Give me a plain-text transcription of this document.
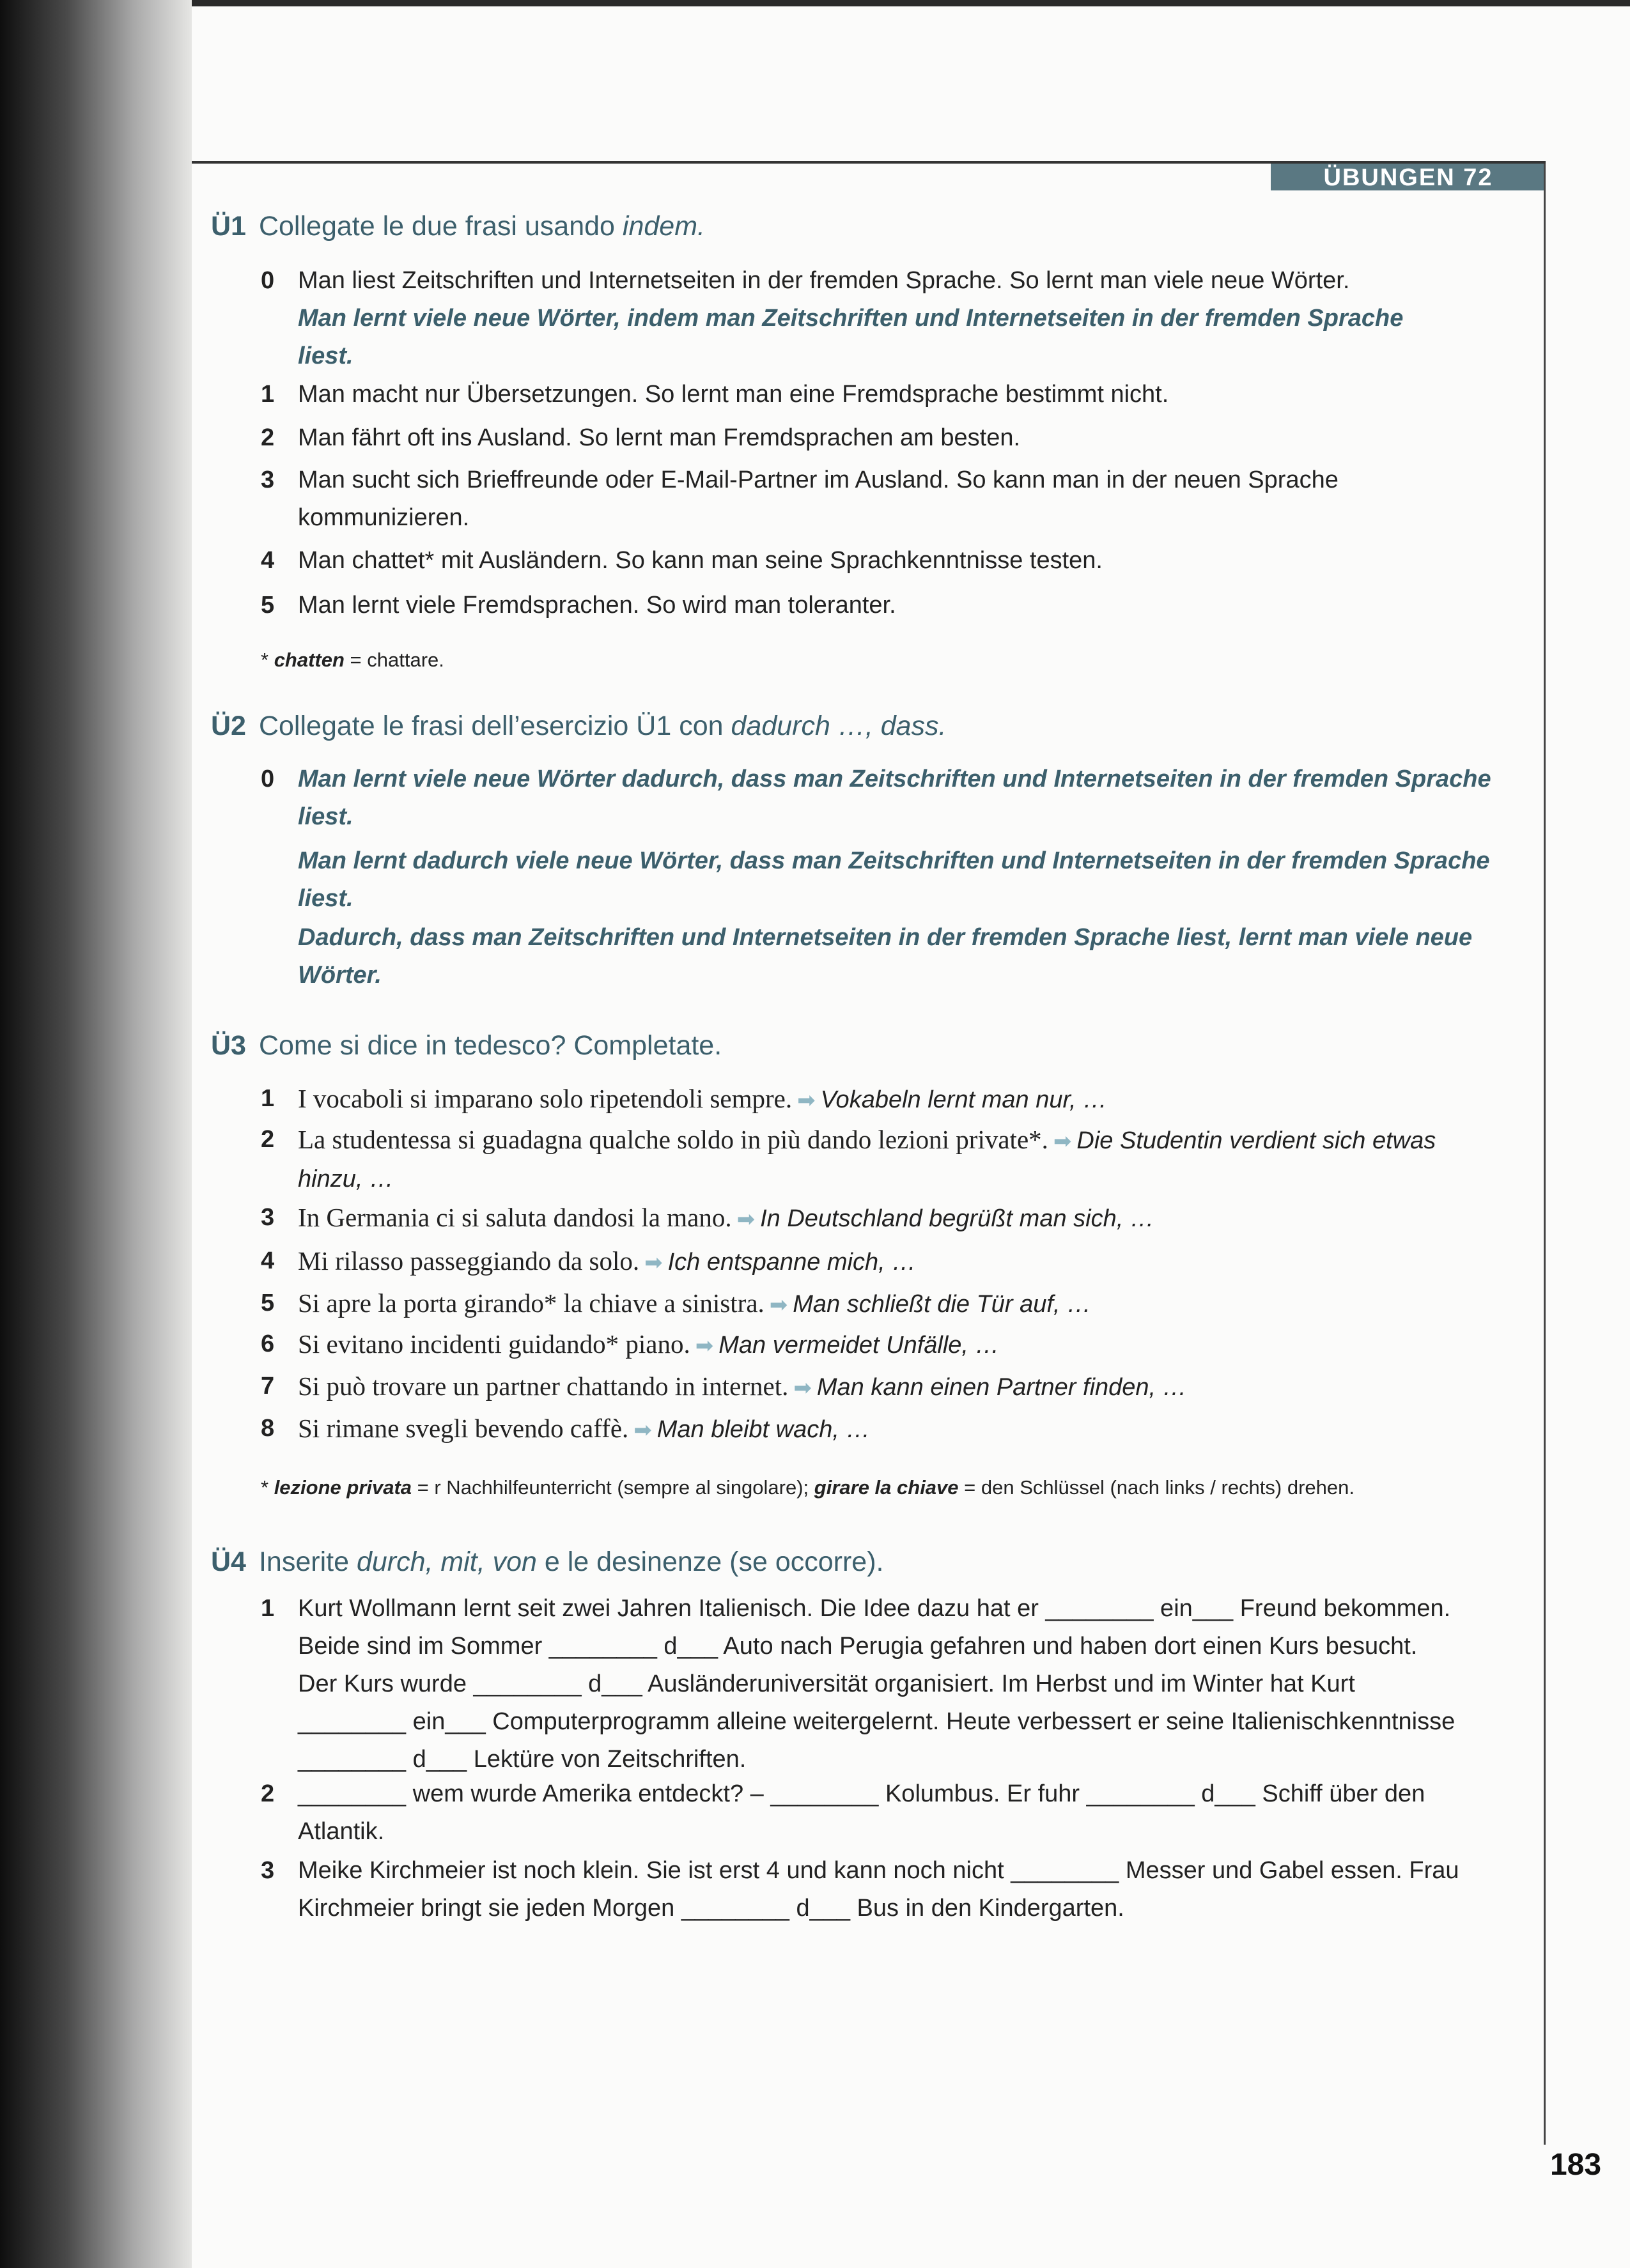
ÜBUNGEN 72
Ü1 Collegate le due frasi usando indem.
0 Man liest Zeitschriften und Internetseiten in der fremden Sprache. So lernt man viele neue Wörter.
Man lernt viele neue Wörter, indem man Zeitschriften und Internetseiten in der fremden Sprache liest.
1 Man macht nur Übersetzungen. So lernt man eine Fremdsprache bestimmt nicht.
2 Man fährt oft ins Ausland. So lernt man Fremdsprachen am besten.
3 Man sucht sich Brieffreunde oder E-Mail-Partner im Ausland. So kann man in der neuen Sprache kommunizieren.
4 Man chattet* mit Ausländern. So kann man seine Sprachkenntnisse testen.
5 Man lernt viele Fremdsprachen. So wird man toleranter.
* chatten = chattare.
Ü2 Collegate le frasi dell’esercizio Ü1 con dadurch …, dass.
0 Man lernt viele neue Wörter dadurch, dass man Zeitschriften und Internetseiten in der fremden Sprache liest.
Man lernt dadurch viele neue Wörter, dass man Zeitschriften und Internetseiten in der fremden Sprache liest.
Dadurch, dass man Zeitschriften und Internetseiten in der fremden Sprache liest, lernt man viele neue Wörter.
Ü3 Come si dice in tedesco? Completate.
1 I vocaboli si imparano solo ripetendoli sempre. ➡ Vokabeln lernt man nur, …
2 La studentessa si guadagna qualche soldo in più dando lezioni private*. ➡ Die Studentin verdient sich etwas hinzu, …
3 In Germania ci si saluta dandosi la mano. ➡ In Deutschland begrüßt man sich, …
4 Mi rilasso passeggiando da solo. ➡ Ich entspanne mich, …
5 Si apre la porta girando* la chiave a sinistra. ➡ Man schließt die Tür auf, …
6 Si evitano incidenti guidando* piano. ➡ Man vermeidet Unfälle, …
7 Si può trovare un partner chattando in internet. ➡ Man kann einen Partner finden, …
8 Si rimane svegli bevendo caffè. ➡ Man bleibt wach, …
* lezione privata = r Nachhilfeunterricht (sempre al singolare); girare la chiave = den Schlüssel (nach links / rechts) drehen.
Ü4 Inserite durch, mit, von e le desinenze (se occorre).
1 Kurt Wollmann lernt seit zwei Jahren Italienisch. Die Idee dazu hat er ________ ein___ Freund bekommen.
Beide sind im Sommer ________ d___ Auto nach Perugia gefahren und haben dort einen Kurs besucht.
Der Kurs wurde ________ d___ Ausländeruniversität organisiert. Im Herbst und im Winter hat Kurt
________ ein___ Computerprogramm alleine weitergelernt. Heute verbessert er seine Italienischkenntnisse
________ d___ Lektüre von Zeitschriften.
2 ________ wem wurde Amerika entdeckt? – ________ Kolumbus. Er fuhr ________ d___ Schiff über den
Atlantik.
3 Meike Kirchmeier ist noch klein. Sie ist erst 4 und kann noch nicht ________ Messer und Gabel essen. Frau
Kirchmeier bringt sie jeden Morgen ________ d___ Bus in den Kindergarten.
183
